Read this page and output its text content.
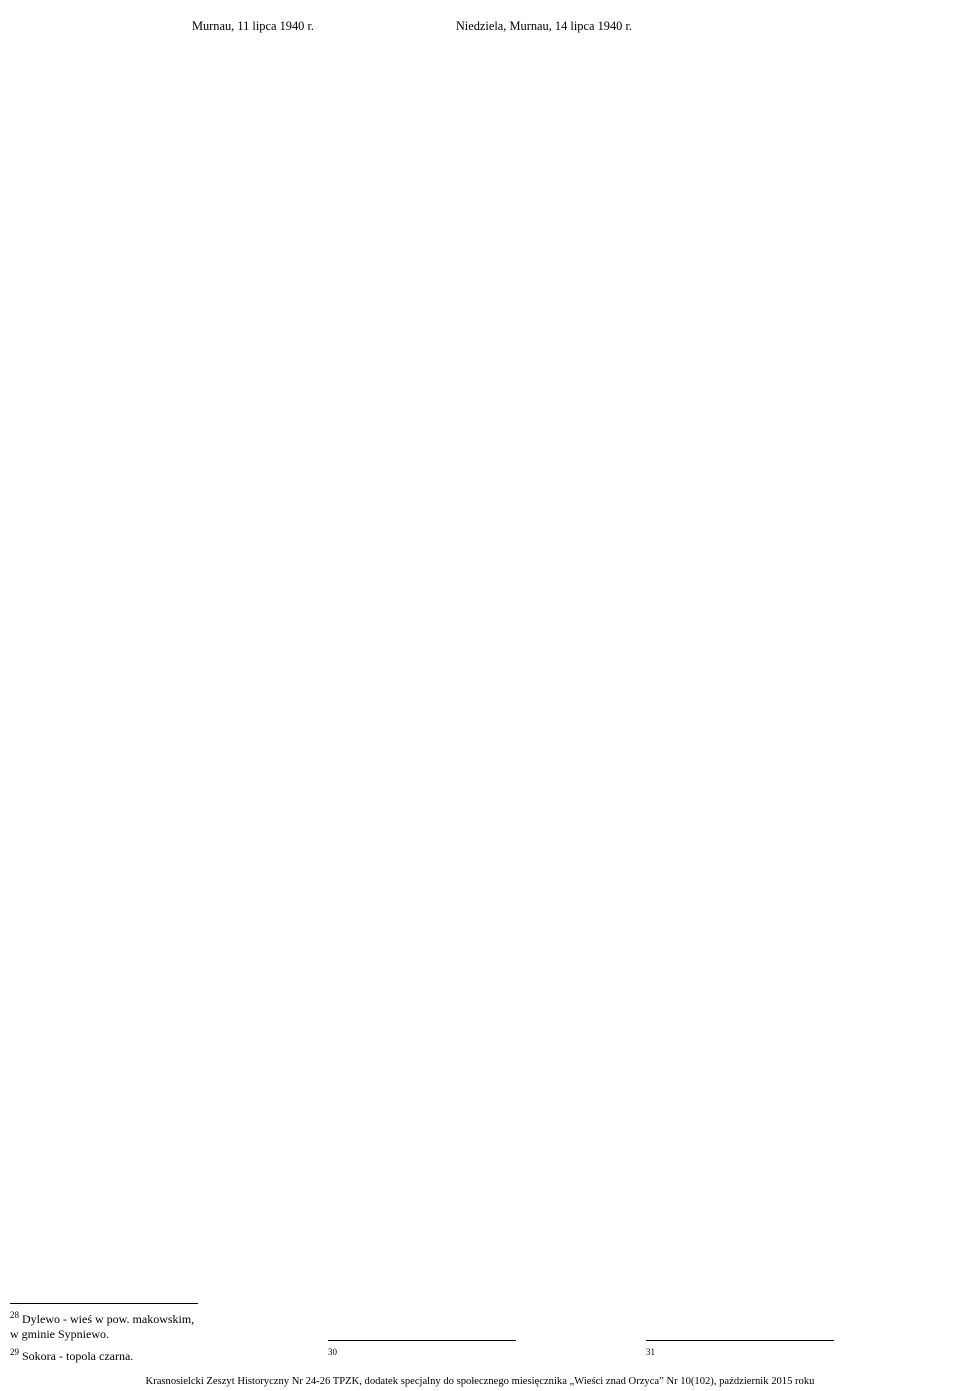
Murnau, 11 lipca 1940 r.

$^{28}$ Dylewo - wieś w pow. makowskim, w gminie Sypniewo.
$^{29}$ Sokora - topola czarna.

Niedziela, Murnau, 14 lipca 1940 r.

$^{30}$	$^{31}$
Krasnosielcki Zeszyt Historyczny Nr 24-26 TPZK, dodatek specjalny do społecznego miesięcznika „Wieści znad Orzyca” Nr 10(102), październik 2015 roku
